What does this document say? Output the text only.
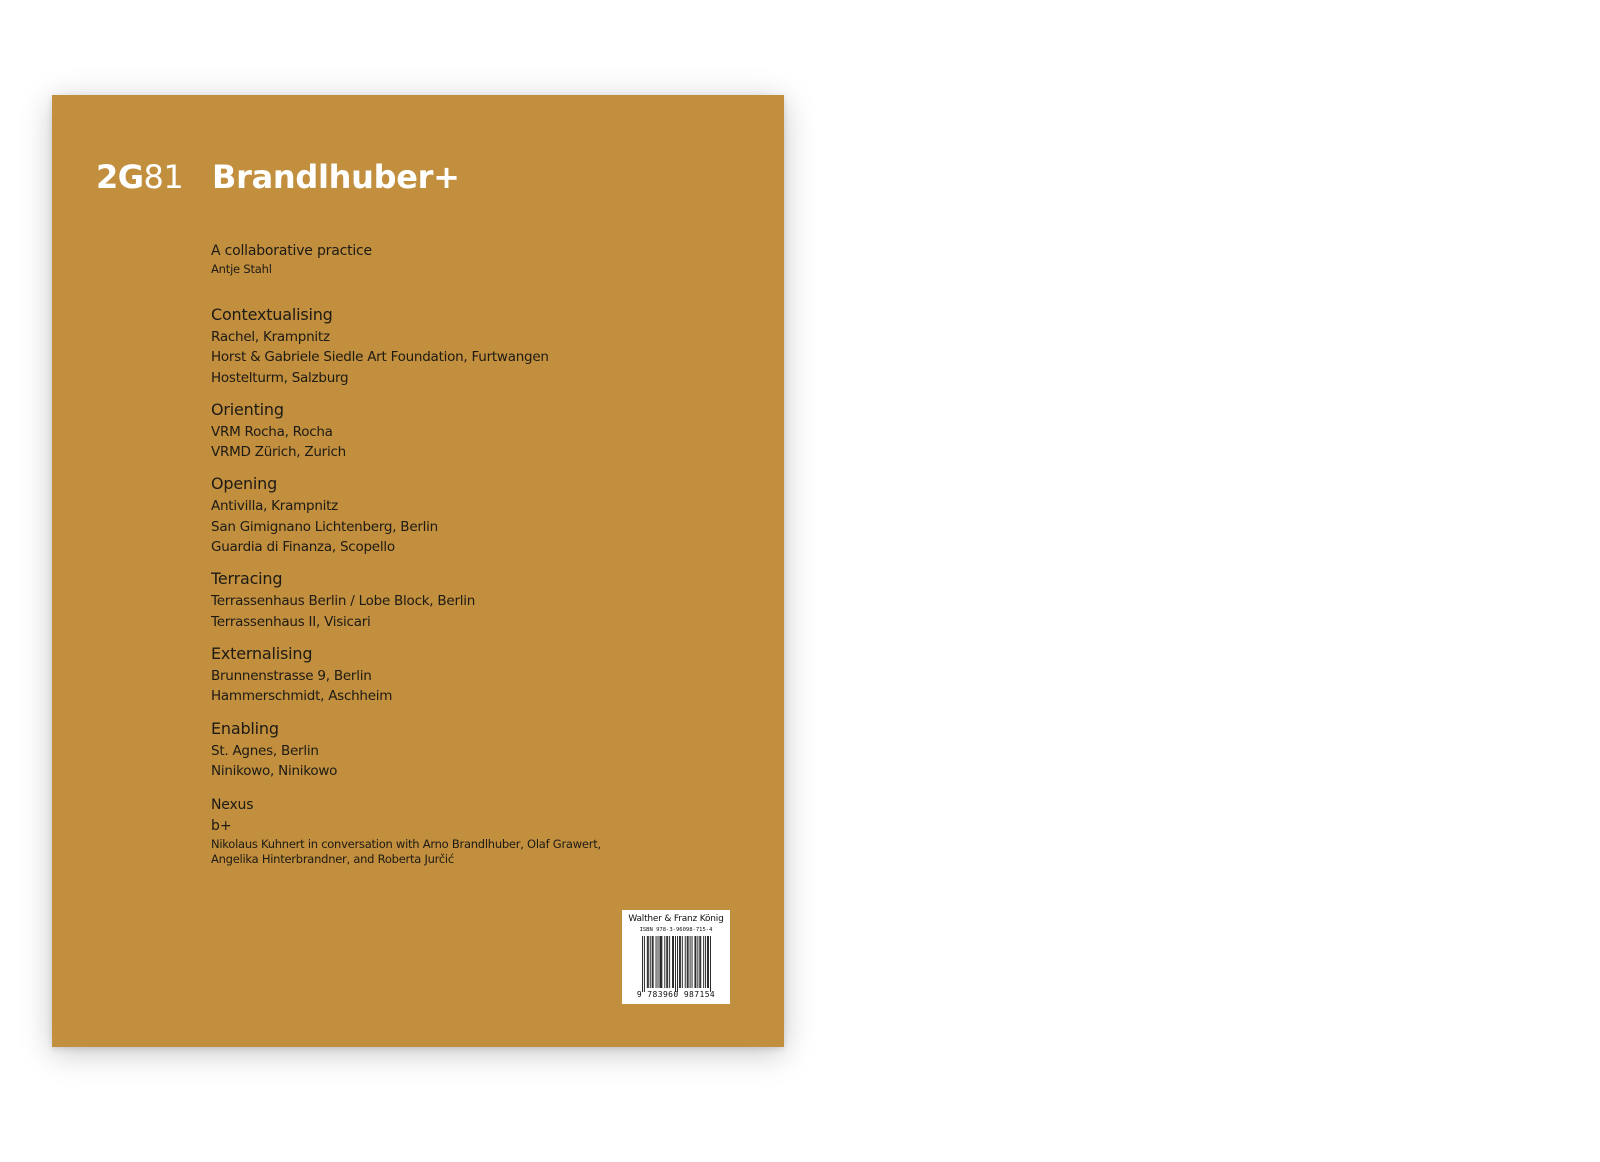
2G81 Brandlhuber+
A collaborative practice
Antje Stahl
Contextualising
Rachel, Krampnitz
Horst & Gabriele Siedle Art Foundation, Furtwangen
Hostelturm, Salzburg
Orienting
VRM Rocha, Rocha
VRMD Zürich, Zurich
Opening
Antivilla, Krampnitz
San Gimignano Lichtenberg, Berlin
Guardia di Finanza, Scopello
Terracing
Terrassenhaus Berlin / Lobe Block, Berlin
Terrassenhaus II, Visicari
Externalising
Brunnenstrasse 9, Berlin
Hammerschmidt, Aschheim
Enabling
St. Agnes, Berlin
Ninikowo, Ninikowo
Nexus
b+
Nikolaus Kuhnert in conversation with Arno Brandlhuber, Olaf Grawert, Angelika Hinterbrandner, and Roberta Jurčić
Walther & Franz König
ISBN 978-3-96098-715-4
9 783960 987154
